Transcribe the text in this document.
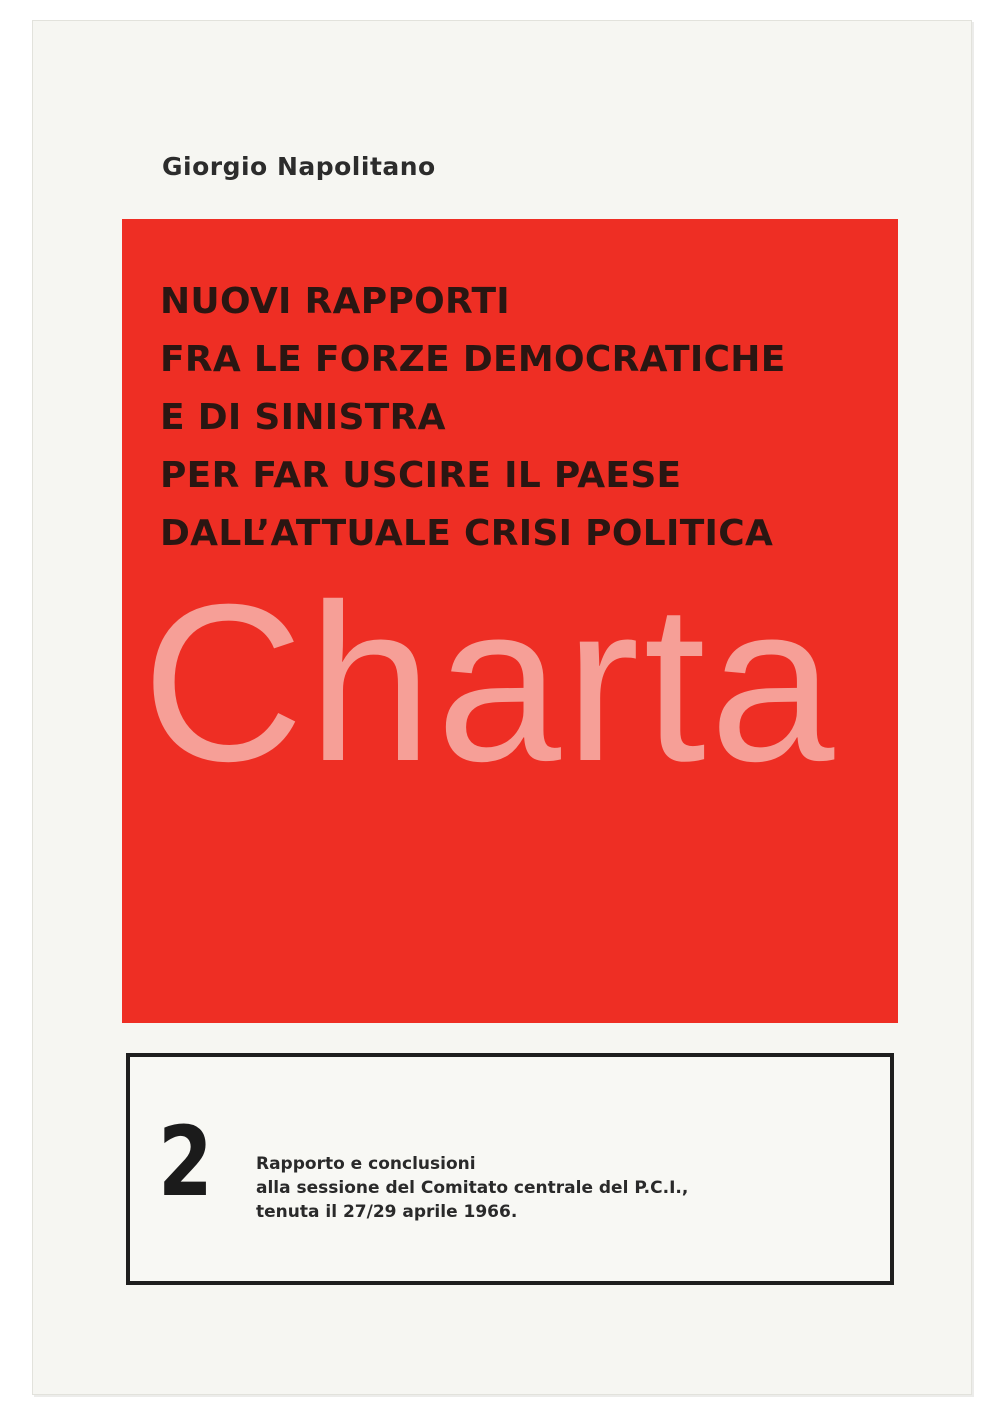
Giorgio Napolitano
NUOVI RAPPORTI
FRA LE FORZE DEMOCRATICHE
E DI SINISTRA
PER FAR USCIRE IL PAESE
DALL’ATTUALE CRISI POLITICA
Charta
2	Rapporto e conclusioni
alla sessione del Comitato centrale del P.C.I.,
tenuta il 27/29 aprile 1966.
